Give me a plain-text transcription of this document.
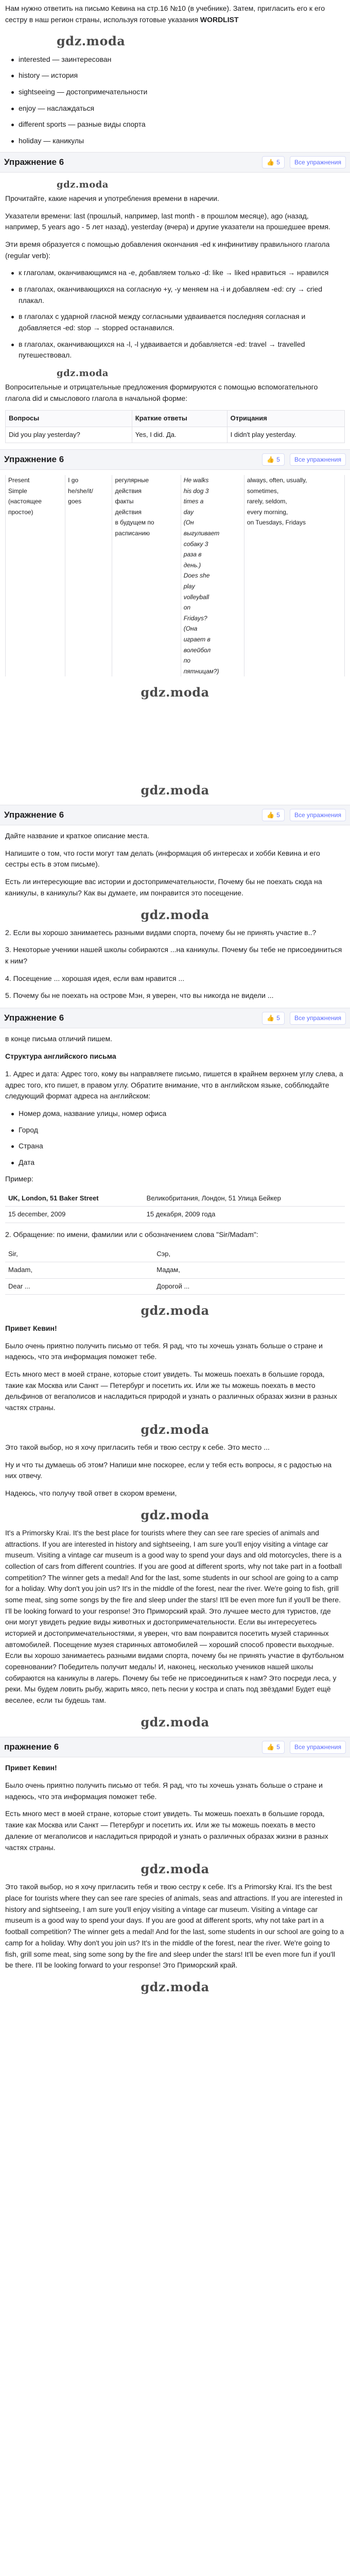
Нам нужно ответить на письмо Кевина на стр.16 №10 (в учебнике). Затем, пригласить его к его сестру в наш регион страны, используя готовые указания WORDLIST

gdz.moda
interested — заинтересован
history — история
sightseeing — достопримечательности
enjoy — наслаждаться
different sports — разные виды спорта
holiday — каникулы
Упражнение 6	👍 5	Все упражнения
gdz.moda

Прочитайте, какие наречия и употребления времени в наречии.

Указатели времени: last (прошлый, например, last month - в прошлом месяце), ago (назад, например, 5 years ago - 5 лет назад), yesterday (вчера) и другие указатели на прошедшее время.

Эти время образуется с помощью добавления окончания -ed к инфинитиву правильного глагола (regular verb):

к глаголам, оканчивающимся на -e, добавляем только -d: like → liked нравиться → нравился
в глаголах, оканчивающихся на согласную +y, -y меняем на -i и добавляем -ed: cry → cried плакал.
в глаголах с ударной гласной между согласными удваивается последняя согласная и добавляется -ed: stop → stopped останавился.
в глаголах, оканчивающихся на -l, -l удваивается и добавляется -ed: travel → travelled путешествовал.
gdz.moda

Вопросительные и отрицательные предложения формируются с помощью вспомогательного глагола did и смыслового глагола в начальной форме:

Вопросы	Краткие ответы	Отрицания
Did you play yesterday?	Yes, I did. Да.	I didn't play yesterday.
Упражнение 6	👍 5	Все упражнения
Present	I go	регулярные	He walks	always, often, usually,
Simple	he/she/it/	действия	his dog 3	sometimes,
(настоящее	goes	факты	times a	rarely, seldom,
простое)		действия	day	every morning,
		в будущем по	(Он	on Tuesdays, Fridays
		расписанию	выгуливает	
			собаку 3	
			раза в	
			день.)	
			Does she	
			play	
			volleyball	
			on	
			Fridays?	
			(Она	
			играет в	
			волейбол	
			по	
			пятницам?)	
gdz.moda
gdz.moda
Упражнение 6	👍 5	Все упражнения

Дайте название и краткое описание места.

Напишите о том, что гости могут там делать (информация об интересах и хобби Кевина и его сестры есть в этом письме).

Есть ли интересующие вас истории и достопримечательности, Почему бы не поехать сюда на каникулы, в каникулы? Как вы думаете, им понравится это посещение.

gdz.moda

2. Если вы хорошо занимаетесь разными видами спорта, почему бы не принять участие в..?

3. Некоторые ученики нашей школы собираются ...на каникулы. Почему бы тебе не присоединиться к ним?

4. Посещение ... хорошая идея, если вам нравится ...

5. Почему бы не поехать на острове Мэн, я уверен, что вы никогда не видели ...

Упражнение 6	👍 5	Все упражнения

в конце письма отличий пишем.

Структура английского письма

1. Адрес и дата: Адрес того, кому вы направляете письмо, пишется в крайнем верхнем углу слева, а адрес того, кто пишет, в правом углу. Обратите внимание, что в английском языке, собблюдайте следующий формат адреса на английском:

Номер дома, название улицы, номер офиса
Город
Страна
Дата

Пример:

UK, London, 51 Baker Street	Великобритания, Лондон, 51 Улица Бейкер
15 december, 2009	15 декабря, 2009 года

2. Обращение: по имени, фамилии или с обозначением слова "Sir/Madam":

Sir,	Сэр,
Madam,	Мадам,
Dear ...	Дорогой ...
gdz.moda

Привет Кевин!

Было очень приятно получить письмо от тебя. Я рад, что ты хочешь узнать больше о стране и надеюсь, что эта информация поможет тебе.

Есть много мест в моей стране, которые стоит увидеть. Ты можешь поехать в большие города, такие как Москва или Санкт — Петербург и посетить их. Или же ты можешь поехать в место дельфинов от вегаполисов и насладиться природой и узнать о различных образах жизни в разных частях страны.

gdz.moda

Это такой выбор, но я хочу пригласить тебя и твою сестру к себе. Это место ...

Ну и что ты думаешь об этом? Напиши мне поскорее, если у тебя есть вопросы, я с радостью на них отвечу.

Надеюсь, что получу твой ответ в скором времени,

gdz.moda

It's a Primorsky Krai. It's the best place for tourists where they can see rare species of animals and attractions. If you are interested in history and sightseeing, I am sure you'll enjoy visiting a vintage car museum. Visiting a vintage car museum is a good way to spend your days and old motorcycles, there is a collection of cars from different countries. If you are good at different sports, why not take part in a football competition? The winner gets a medal! And for the last, some students in our school are going to a camp for a holiday. Why don't you join us? It's in the middle of the forest, near the river. We're going to fish, grill some meat, sing some songs by the fire and sleep under the stars! It'll be even more fun if you'll be there. I'll be looking forward to your response! Это Приморский край. Это лучшее место для туристов, где они могут увидеть редкие виды животных и достопримечательности. Если вы интересуетесь историей и достопримечательностями, я уверен, что вам понравится посетить музей старинных автомобилей. Посещение музея старинных автомобилей — хороший способ провести выходные. Если вы хорошо занимаетесь разными видами спорта, почему бы не принять участие в футбольном соревновании? Победитель получит медаль! И, наконец, несколько учеников нашей школы собираются на каникулы в лагерь. Почему бы тебе не присоединиться к нам? Это посреди леса, у реки. Мы будем ловить рыбу, жарить мясо, петь песни у костра и спать под звёздами! Будет ещё веселее, если ты будешь там.

gdz.moda
пражнение 6	👍 5	Все упражнения

Привет Кевин!

Было очень приятно получить письмо от тебя. Я рад, что ты хочешь узнать больше о стране и надеюсь, что эта информация поможет тебе.

Есть много мест в моей стране, которые стоит увидеть. Ты можешь поехать в большие города, такие как Москва или Санкт — Петербург и посетить их. Или же ты можешь поехать в место далекие от мегаполисов и насладиться природой и узнать о различных образах жизни в разных частях страны.

gdz.moda

Это такой выбор, но я хочу пригласить тебя и твою сестру к себе. It's a Primorsky Krai. It's the best place for tourists where they can see rare species of animals, seas and attractions. If you are interested in history and sightseeing, I am sure you'll enjoy visiting a vintage car museum. Visiting a vintage car museum is a good way to spend your days. If you are good at different sports, why not take part in a football competition? The winner gets a medal! And for the last, some students in our school are going to a camp for a holiday. Why don't you join us? It's in the middle of the forest, near the river. We're going to fish, grill some meat, sing some song by the fire and sleep under the stars! It'll be even more fun if you'll be there. I'll be looking forward to your response! Это Приморский край.

gdz.moda
